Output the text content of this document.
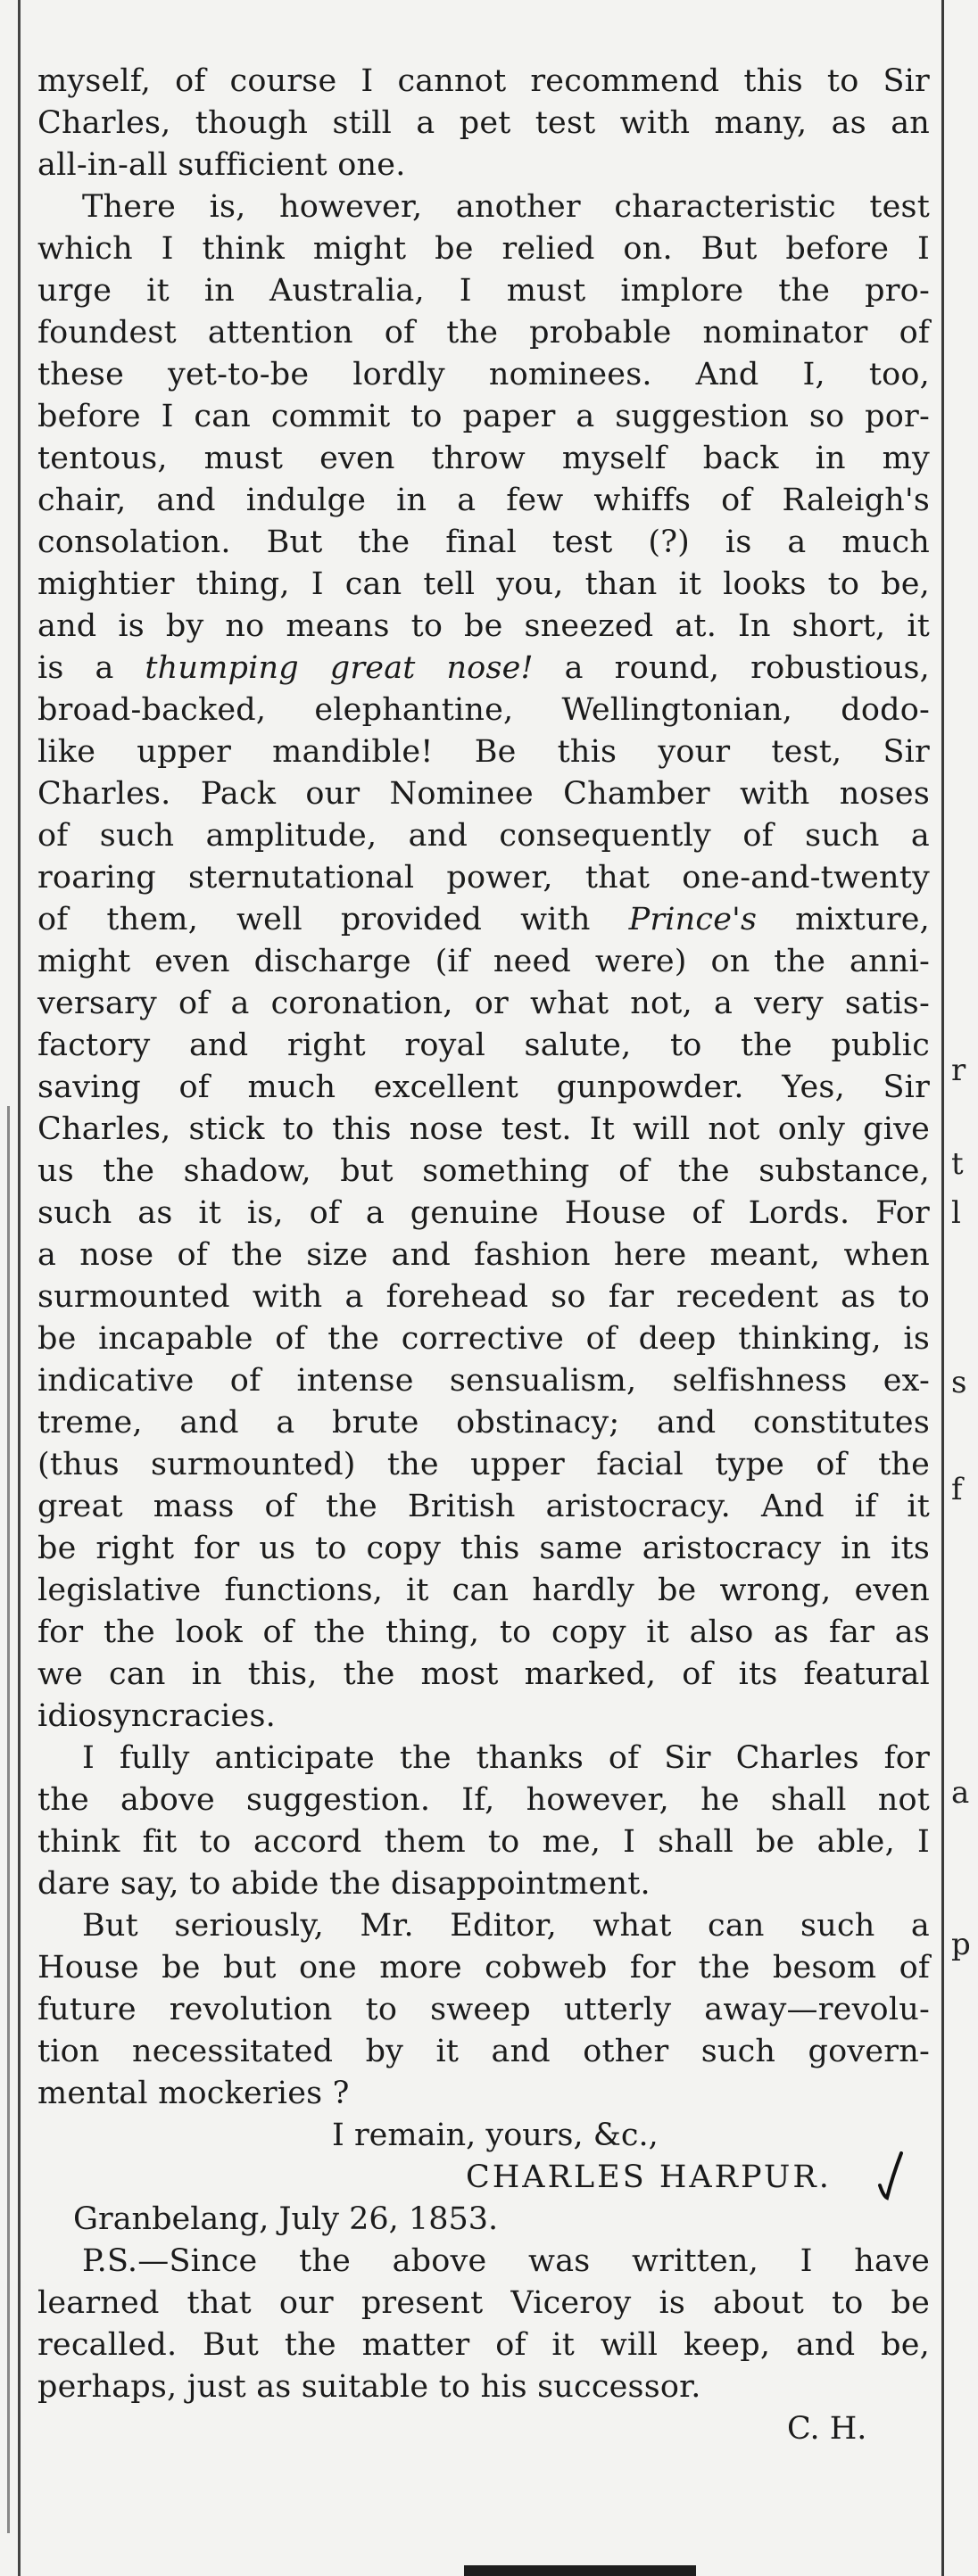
r
t
l
s
f
a
p
myself, of course I cannot recommend this to Sir
Charles, though still a pet test with many, as an
all-in-all sufficient one.
There is, however, another characteristic test
which I think might be relied on. But before I
urge it in Australia, I must implore the pro-
foundest attention of the probable nominator of
these yet-to-be lordly nominees. And I, too,
before I can commit to paper a suggestion so por-
tentous, must even throw myself back in my
chair, and indulge in a few whiffs of Raleigh's
consolation. But the final test (?) is a much
mightier thing, I can tell you, than it looks to be,
and is by no means to be sneezed at. In short, it
is a thumping great nose! a round, robustious,
broad-backed, elephantine, Wellingtonian, dodo-
like upper mandible! Be this your test, Sir
Charles. Pack our Nominee Chamber with noses
of such amplitude, and consequently of such a
roaring sternutational power, that one-and-twenty
of them, well provided with Prince's mixture,
might even discharge (if need were) on the anni-
versary of a coronation, or what not, a very satis-
factory and right royal salute, to the public
saving of much excellent gunpowder. Yes, Sir
Charles, stick to this nose test. It will not only give
us the shadow, but something of the substance,
such as it is, of a genuine House of Lords. For
a nose of the size and fashion here meant, when
surmounted with a forehead so far recedent as to
be incapable of the corrective of deep thinking, is
indicative of intense sensualism, selfishness ex-
treme, and a brute obstinacy; and constitutes
(thus surmounted) the upper facial type of the
great mass of the British aristocracy. And if it
be right for us to copy this same aristocracy in its
legislative functions, it can hardly be wrong, even
for the look of the thing, to copy it also as far as
we can in this, the most marked, of its featural
idiosyncracies.
I fully anticipate the thanks of Sir Charles for
the above suggestion. If, however, he shall not
think fit to accord them to me, I shall be able, I
dare say, to abide the disappointment.
But seriously, Mr. Editor, what can such a
House be but one more cobweb for the besom of
future revolution to sweep utterly away—revolu-
tion necessitated by it and other such govern-
mental mockeries ?
I remain, yours, &c.,
CHARLES HARPUR.
Granbelang, July 26, 1853.
P.S.—Since the above was written, I have
learned that our present Viceroy is about to be
recalled. But the matter of it will keep, and be,
perhaps, just as suitable to his successor.
C. H.
